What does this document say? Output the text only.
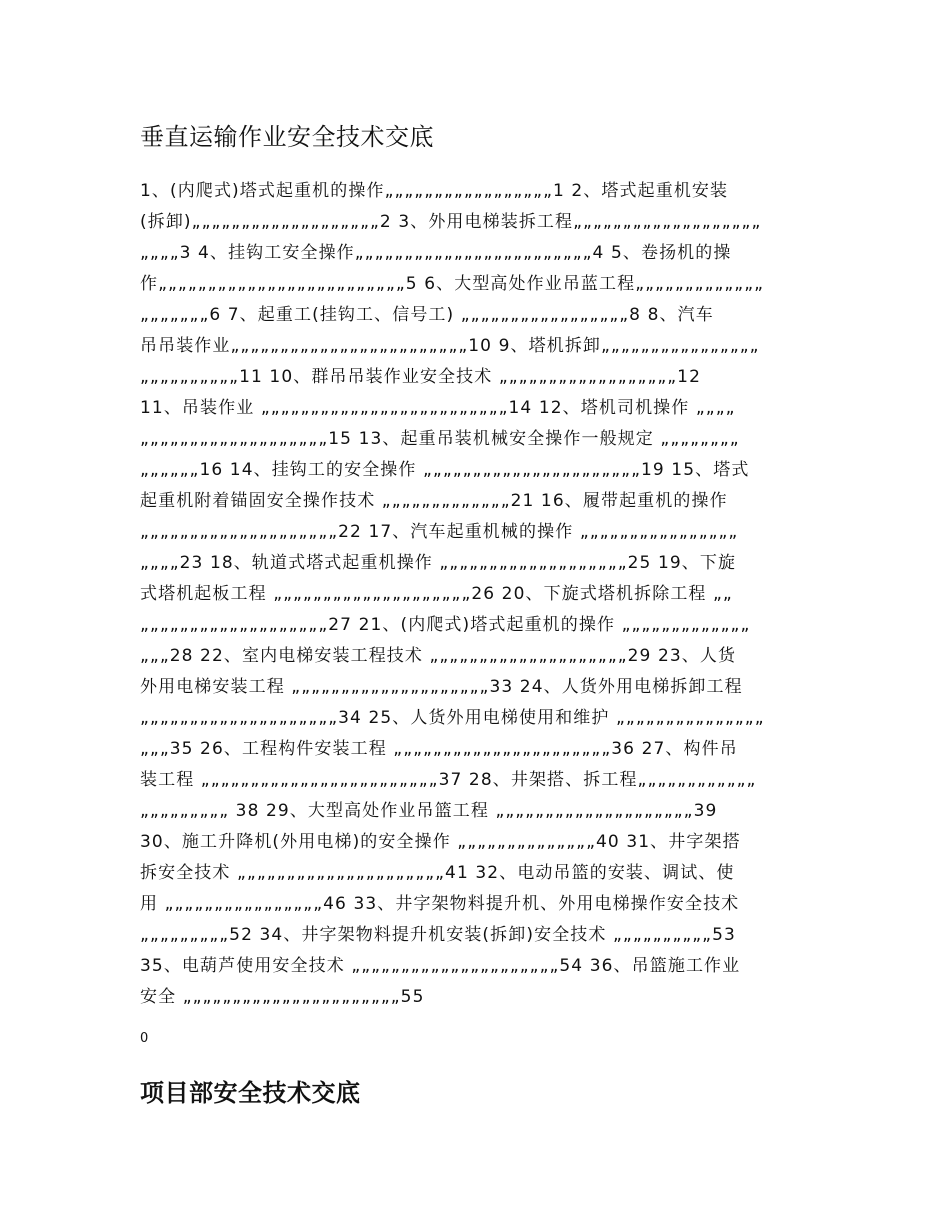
垂直运输作业安全技术交底
1、(内爬式)塔式起重机的操作„„„„„„„„„„„„„„„„„1 2、塔式起重机安装
(拆卸)„„„„„„„„„„„„„„„„„„„2 3、外用电梯装拆工程„„„„„„„„„„„„„„„„„„„
„„„„3 4、挂钩工安全操作„„„„„„„„„„„„„„„„„„„„„„„„4 5、卷扬机的操
作„„„„„„„„„„„„„„„„„„„„„„„„„5 6、大型高处作业吊蓝工程„„„„„„„„„„„„„
„„„„„„„6 7、起重工(挂钩工、信号工) „„„„„„„„„„„„„„„„„8 8、汽车
吊吊装作业„„„„„„„„„„„„„„„„„„„„„„„„10 9、塔机拆卸„„„„„„„„„„„„„„„„
„„„„„„„„„„11 10、群吊吊装作业安全技术 „„„„„„„„„„„„„„„„„„12
11、吊装作业 „„„„„„„„„„„„„„„„„„„„„„„„„14 12、塔机司机操作 „„„„
„„„„„„„„„„„„„„„„„„„15 13、起重吊装机械安全操作一般规定 „„„„„„„„
„„„„„„16 14、挂钩工的安全操作 „„„„„„„„„„„„„„„„„„„„„„19 15、塔式
起重机附着锚固安全操作技术 „„„„„„„„„„„„„21 16、履带起重机的操作
„„„„„„„„„„„„„„„„„„„„22 17、汽车起重机械的操作 „„„„„„„„„„„„„„„„
„„„„23 18、轨道式塔式起重机操作 „„„„„„„„„„„„„„„„„„„25 19、下旋
式塔机起板工程 „„„„„„„„„„„„„„„„„„„„26 20、下旋式塔机拆除工程 „„
„„„„„„„„„„„„„„„„„„„27 21、(内爬式)塔式起重机的操作 „„„„„„„„„„„„„
„„„28 22、室内电梯安装工程技术 „„„„„„„„„„„„„„„„„„„„29 23、人货
外用电梯安装工程 „„„„„„„„„„„„„„„„„„„„33 24、人货外用电梯拆卸工程
„„„„„„„„„„„„„„„„„„„„34 25、人货外用电梯使用和维护 „„„„„„„„„„„„„„„
„„„35 26、工程构件安装工程 „„„„„„„„„„„„„„„„„„„„„„36 27、构件吊
装工程 „„„„„„„„„„„„„„„„„„„„„„„„37 28、井架搭、拆工程„„„„„„„„„„„„
„„„„„„„„„ 38 29、大型高处作业吊篮工程 „„„„„„„„„„„„„„„„„„„„39
30、施工升降机(外用电梯)的安全操作 „„„„„„„„„„„„„„40 31、井字架搭
拆安全技术 „„„„„„„„„„„„„„„„„„„„„41 32、电动吊篮的安装、调试、使
用 „„„„„„„„„„„„„„„„46 33、井字架物料提升机、外用电梯操作安全技术
„„„„„„„„„52 34、井字架物料提升机安装(拆卸)安全技术 „„„„„„„„„„53
35、电葫芦使用安全技术 „„„„„„„„„„„„„„„„„„„„„54 36、吊篮施工作业
安全 „„„„„„„„„„„„„„„„„„„„„„55
0
项目部安全技术交底
